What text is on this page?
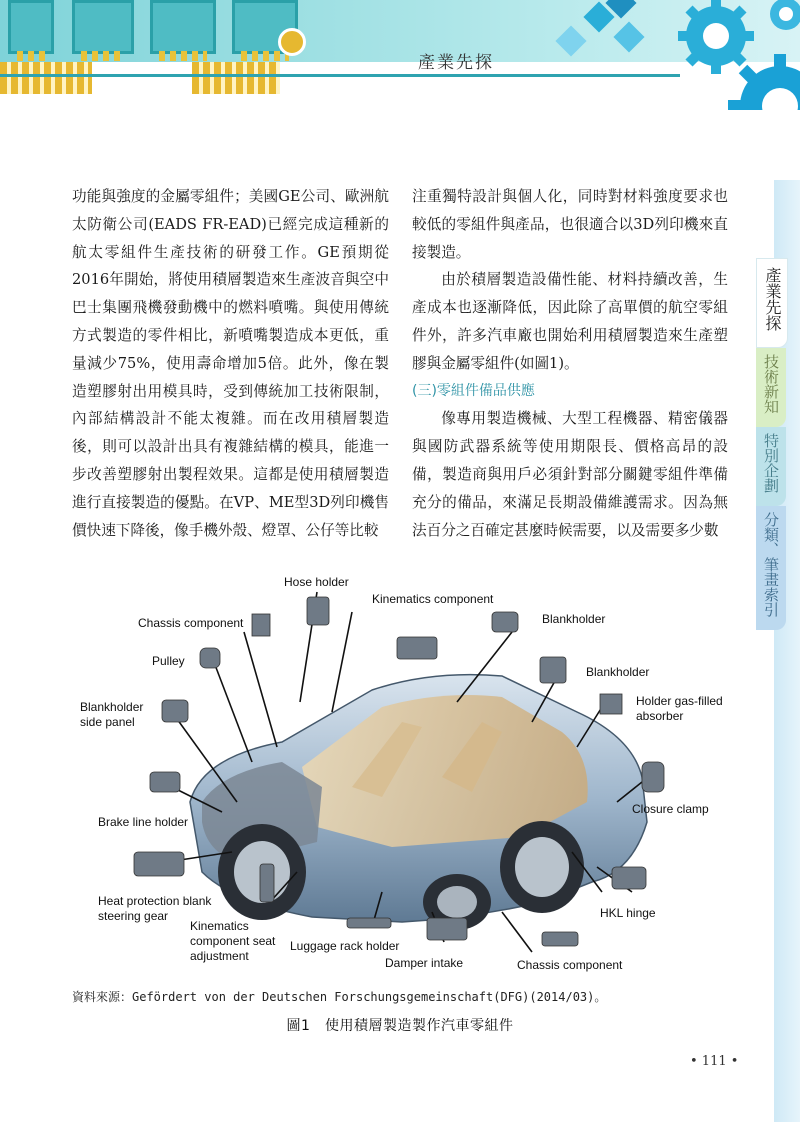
產業先探
產業先探
技術新知
特別企劃
分類、筆畫索引

功能與強度的金屬零組件；美國GE公司、歐洲航太防衛公司(EADS FR-EAD)已經完成這種新的航太零組件生產技術的研發工作。GE預期從2016年開始，將使用積層製造來生產波音與空中巴士集團飛機發動機中的燃料噴嘴。與使用傳統方式製造的零件相比，新噴嘴製造成本更低，重量減少75%，使用壽命增加5倍。此外，像在製造塑膠射出用模具時，受到傳統加工技術限制，內部結構設計不能太複雜。而在改用積層製造後，則可以設計出具有複雜結構的模具，能進一步改善塑膠射出製程效果。這都是使用積層製造進行直接製造的優點。在VP、ME型3D列印機售價快速下降後，像手機外殼、燈罩、公仔等比較

注重獨特設計與個人化，同時對材料強度要求也較低的零組件與產品，也很適合以3D列印機來直接製造。

由於積層製造設備性能、材料持續改善，生產成本也逐漸降低，因此除了高單價的航空零組件外，許多汽車廠也開始利用積層製造來生產塑膠與金屬零組件(如圖1)。

(三)零組件備品供應

像專用製造機械、大型工程機器、精密儀器與國防武器系統等使用期限長、價格高昂的設備，製造商與用戶必須針對部分關鍵零組件準備充分的備品，來滿足長期設備維護需求。因為無法百分之百確定甚麼時候需要，以及需要多少數

Hose holder
Kinematics component
Chassis component	Blankholder
Pulley
Blankholder
Holder gas-filled
absorber
Blankholder
side panel
Brake line holder
Closure clamp
Heat protection blank
steering gear	HKL hinge
Kinematics
component seat
adjustment
Luggage rack holder
Damper intake	Chassis component
資料來源：Gefördert von der Deutschen Forschungsgemeinschaft(DFG)(2014/03)。
圖1　使用積層製造製作汽車零組件
• 111 •
